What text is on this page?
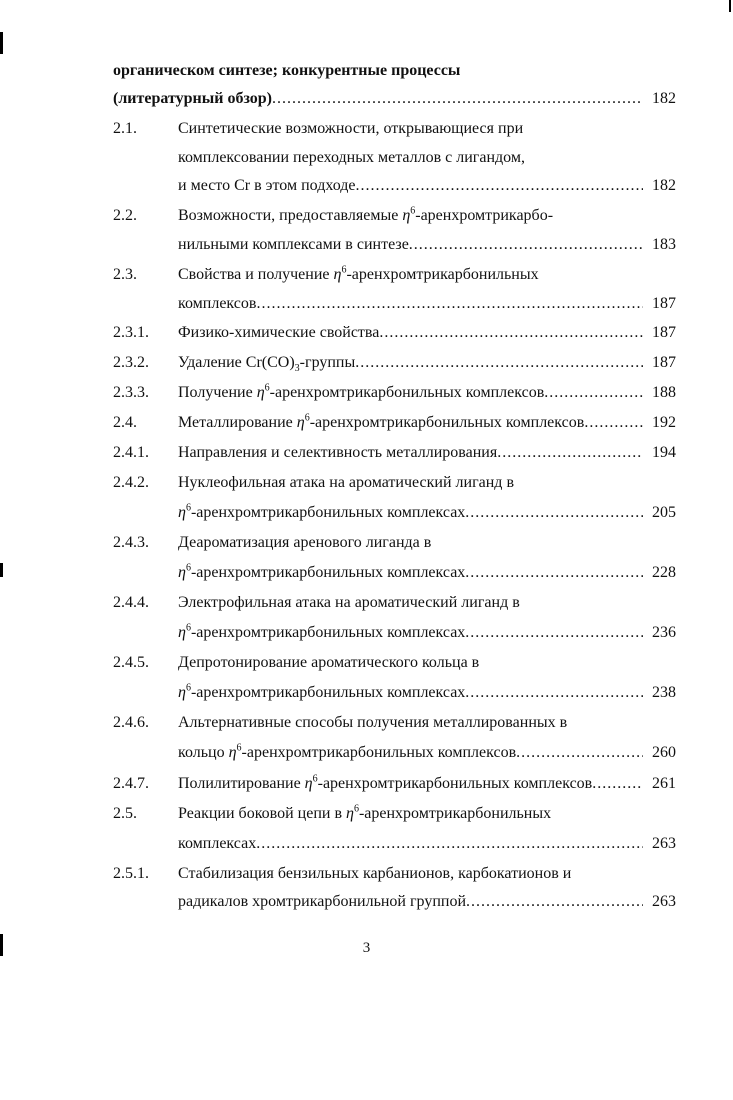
органическом синтезе; конкурентные процессы
(литературный обзор) .....	182
2.1.	Синтетические возможности, открывающиеся при
комплексовании переходных металлов с лигандом,
и место Cr в этом подходе .....	182
2.2.	Возможности, предоставляемые $\eta^6-аренхромтрикарбо-$
нильными комплексами в синтезе .....	183
2.3.	Свойства и получение $\eta^6$-аренхромтрикарбонильных
комплексов .....	187
2.3.1. Физико-химические свойства .....	187
2.3.2. Удаление $Cr(CO)_3$-группы .....	187
2.3.3. Получение $\eta^6$-аренхромтрикарбонильных комплексов .....	188
2.4.	Металлирование $\eta^6$-аренхромтрикарбонильных комплексов .....	192
2.4.1. Направления и селективность металлирования .....	194
2.4.2. Нуклеофильная атака на ароматический лиганд в
$\eta^6$-аренхромтрикарбонильных комплексах .....	205
2.4.3. Деароматизация аренового лиганда в
$\eta^6$-аренхромтрикарбонильных комплексах .....	228
2.4.4. Электрофильная атака на ароматический лиганд в
$\eta^6$-аренхромтрикарбонильных комплексах .....	236
2.4.5. Депротонирование ароматического кольца в
$\eta^6$-аренхромтрикарбонильных комплексах .....	238
2.4.6. Альтернативные способы получения металлированных в
кольцо $\eta^6$-аренхромтрикарбонильных комплексов .....	260
2.4.7. Полилитирование $\eta^6$-аренхромтрикарбонильных комплексов .....	261
2.5.	Реакции боковой цепи в $\eta^6$-аренхромтрикарбонильных
комплексах .....	263
2.5.1. Стабилизация бензильных карбанионов, карбокатионов и
радикалов хромтрикарбонильной группой .....	263
3
